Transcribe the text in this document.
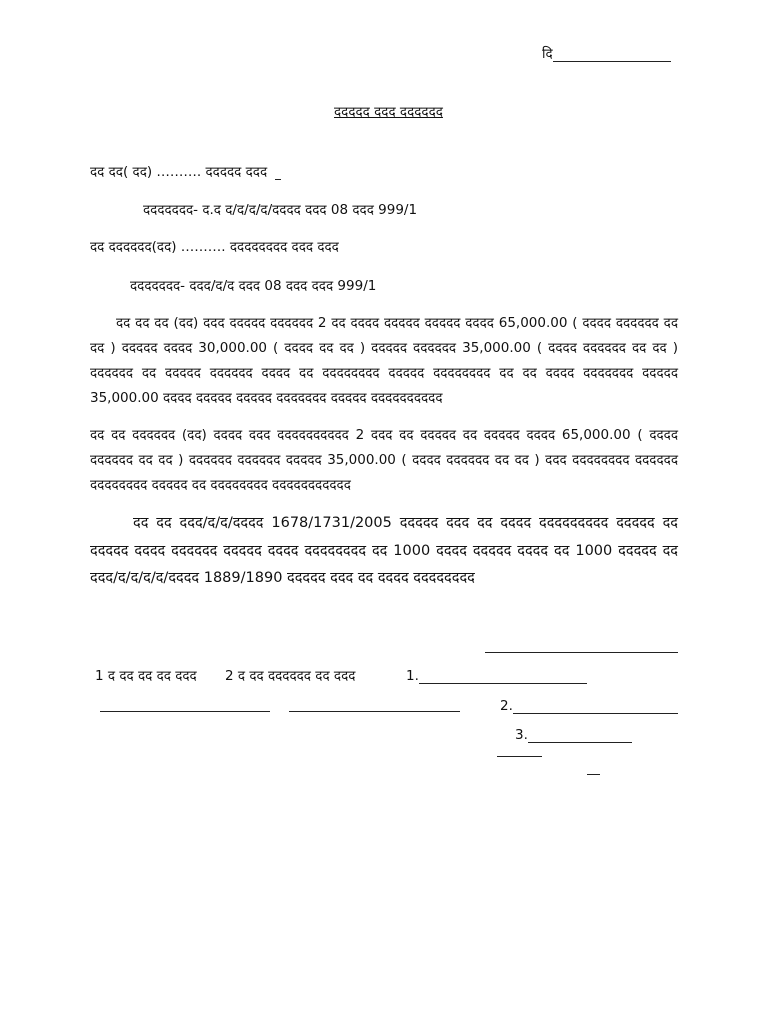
दि
ददददद ददद दददददद
दद दद( दद) ………. ददददद ददद
ददददददद- द.द द/द/द/द/दददद ददद 08 ददद 999/1
दद दददददद(दद) ………. दददददददद ददद ददद
ददददददद- ददद/द/द ददद 08 ददद ददद 999/1
दद दद दद (दद) ददद ददददद दददददद 2 दद दददद ददददद ददददद दददद 65,000.00 ( दददद दददददद दद दद ) ददददद दददद 30,000.00 ( दददद दद दद ) ददददद दददददद 35,000.00 ( दददद दददददद दद दद ) दददददद दद ददददद दददददद दददद दद दददददददद ददददद दददददददद दद दद दददद ददददददद ददददद 35,000.00 दददद ददददद ददददद ददददददद ददददद दददददददददद
दद दद दददददद (दद) दददद ददद दददददददददद 2 ददद दद ददददद दद ददददद दददद 65,000.00 ( दददद दददददद दद दद ) दददददद दददददद ददददद 35,000.00 ( दददद दददददद दद दद ) ददद दददददददद दददददद दददददददद ददददद दद दददददददद ददददददददददद
दद दद ददद/द/द/दददद 1678/1731/2005 ददददद ददद दद दददद ददददददददद ददददद दद ददददद दददद दददददद ददददद दददद दददददददद दद 1000 दददद ददददद दददद दद 1000 ददददद दद ददद/द/द/द/द/दददद 1889/1890 ददददद ददद दद दददद दददददददद
1 द दद दद दद ददद 2 द दद दददददद दद ददद	1.
2.
3.
